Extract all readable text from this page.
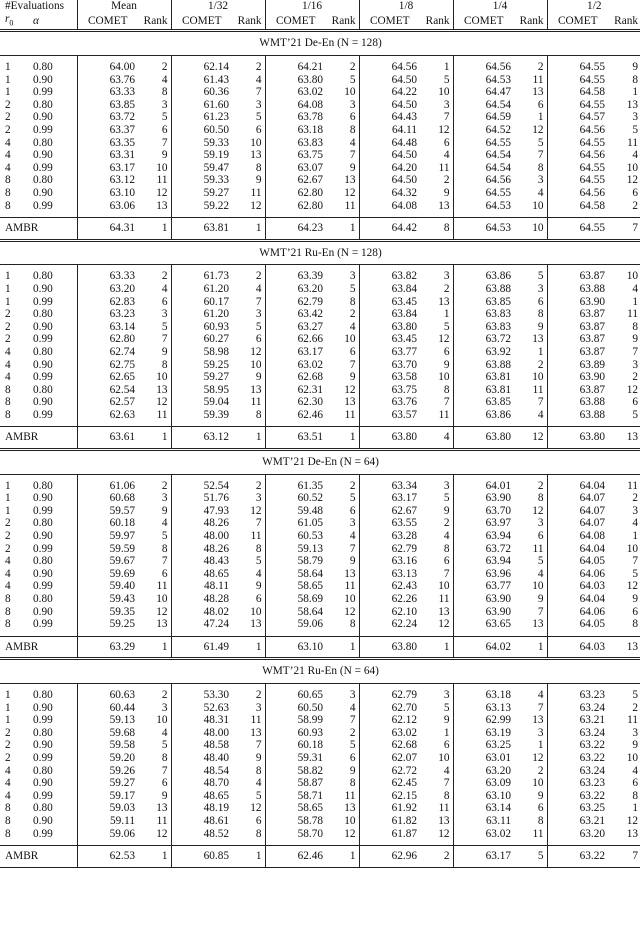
#Evaluations		Mean		1/32		1/16		1/8		1/4		1/2	
$r_0$	α	COMET	Rank	COMET	Rank	COMET	Rank	COMET	Rank	COMET	Rank	COMET	Rank
WMT’21 De-En (N = 128)													
1	0.80	64.00	2	62.14	2	64.21	2	64.56	1	64.56	2	64.55	9
1	0.90	63.76	4	61.43	4	63.80	5	64.50	5	64.53	11	64.55	8
1	0.99	63.33	8	60.36	7	63.02	10	64.22	10	64.47	13	64.58	1
2	0.80	63.85	3	61.60	3	64.08	3	64.50	3	64.54	6	64.55	13
2	0.90	63.72	5	61.23	5	63.78	6	64.43	7	64.59	1	64.57	3
2	0.99	63.37	6	60.50	6	63.18	8	64.11	12	64.52	12	64.56	5
4	0.80	63.35	7	59.33	10	63.83	4	64.48	6	64.55	5	64.55	11
4	0.90	63.31	9	59.19	13	63.75	7	64.50	4	64.54	7	64.56	4
4	0.99	63.17	10	59.47	8	63.07	9	64.20	11	64.54	8	64.55	10
8	0.80	63.12	11	59.33	9	62.67	13	64.50	2	64.56	3	64.55	12
8	0.90	63.10	12	59.27	11	62.80	12	64.32	9	64.55	4	64.56	6
8	0.99	63.06	13	59.22	12	62.80	11	64.08	13	64.53	10	64.58	2
AMBR		64.31	1	63.81	1	64.23	1	64.42	8	64.53	10	64.55	7
WMT’21 Ru-En (N = 128)													
1	0.80	63.33	2	61.73	2	63.39	3	63.82	3	63.86	5	63.87	10
1	0.90	63.20	4	61.20	4	63.20	5	63.84	2	63.88	3	63.88	4
1	0.99	62.83	6	60.17	7	62.79	8	63.45	13	63.85	6	63.90	1
2	0.80	63.23	3	61.20	3	63.42	2	63.84	1	63.83	8	63.87	11
2	0.90	63.14	5	60.93	5	63.27	4	63.80	5	63.83	9	63.87	8
2	0.99	62.80	7	60.27	6	62.66	10	63.45	12	63.72	13	63.87	9
4	0.80	62.74	9	58.98	12	63.17	6	63.77	6	63.92	1	63.87	7
4	0.90	62.75	8	59.25	10	63.02	7	63.70	9	63.88	2	63.89	3
4	0.99	62.65	10	59.27	9	62.68	9	63.58	10	63.81	10	63.90	2
8	0.80	62.54	13	58.95	13	62.31	12	63.75	8	63.81	11	63.87	12
8	0.90	62.57	12	59.04	11	62.30	13	63.76	7	63.85	7	63.88	6
8	0.99	62.63	11	59.39	8	62.46	11	63.57	11	63.86	4	63.88	5
AMBR		63.61	1	63.12	1	63.51	1	63.80	4	63.80	12	63.80	13
WMT’21 De-En (N = 64)													
1	0.80	61.06	2	52.54	2	61.35	2	63.34	3	64.01	2	64.04	11
1	0.90	60.68	3	51.76	3	60.52	5	63.17	5	63.90	8	64.07	2
1	0.99	59.57	9	47.93	12	59.48	6	62.67	9	63.70	12	64.07	3
2	0.80	60.18	4	48.26	7	61.05	3	63.55	2	63.97	3	64.07	4
2	0.90	59.97	5	48.00	11	60.53	4	63.28	4	63.94	6	64.08	1
2	0.99	59.59	8	48.26	8	59.13	7	62.79	8	63.72	11	64.04	10
4	0.80	59.67	7	48.43	5	58.79	9	63.16	6	63.94	5	64.05	7
4	0.90	59.69	6	48.65	4	58.64	13	63.13	7	63.96	4	64.06	5
4	0.99	59.40	11	48.11	9	58.65	11	62.43	10	63.77	10	64.03	12
8	0.80	59.43	10	48.28	6	58.69	10	62.26	11	63.90	9	64.04	9
8	0.90	59.35	12	48.02	10	58.64	12	62.10	13	63.90	7	64.06	6
8	0.99	59.25	13	47.24	13	59.06	8	62.24	12	63.65	13	64.05	8
AMBR		63.29	1	61.49	1	63.10	1	63.80	1	64.02	1	64.03	13
WMT’21 Ru-En (N = 64)													
1	0.80	60.63	2	53.30	2	60.65	3	62.79	3	63.18	4	63.23	5
1	0.90	60.44	3	52.63	3	60.50	4	62.70	5	63.13	7	63.24	2
1	0.99	59.13	10	48.31	11	58.99	7	62.12	9	62.99	13	63.21	11
2	0.80	59.68	4	48.00	13	60.93	2	63.02	1	63.19	3	63.24	3
2	0.90	59.58	5	48.58	7	60.18	5	62.68	6	63.25	1	63.22	9
2	0.99	59.20	8	48.40	9	59.31	6	62.07	10	63.01	12	63.22	10
4	0.80	59.26	7	48.54	8	58.82	9	62.72	4	63.20	2	63.24	4
4	0.90	59.27	6	48.70	4	58.87	8	62.45	7	63.09	10	63.23	6
4	0.99	59.17	9	48.65	5	58.71	11	62.15	8	63.10	9	63.22	8
8	0.80	59.03	13	48.19	12	58.65	13	61.92	11	63.14	6	63.25	1
8	0.90	59.11	11	48.61	6	58.78	10	61.82	13	63.11	8	63.21	12
8	0.99	59.06	12	48.52	8	58.70	12	61.87	12	63.02	11	63.20	13
AMBR		62.53	1	60.85	1	62.46	1	62.96	2	63.17	5	63.22	7
